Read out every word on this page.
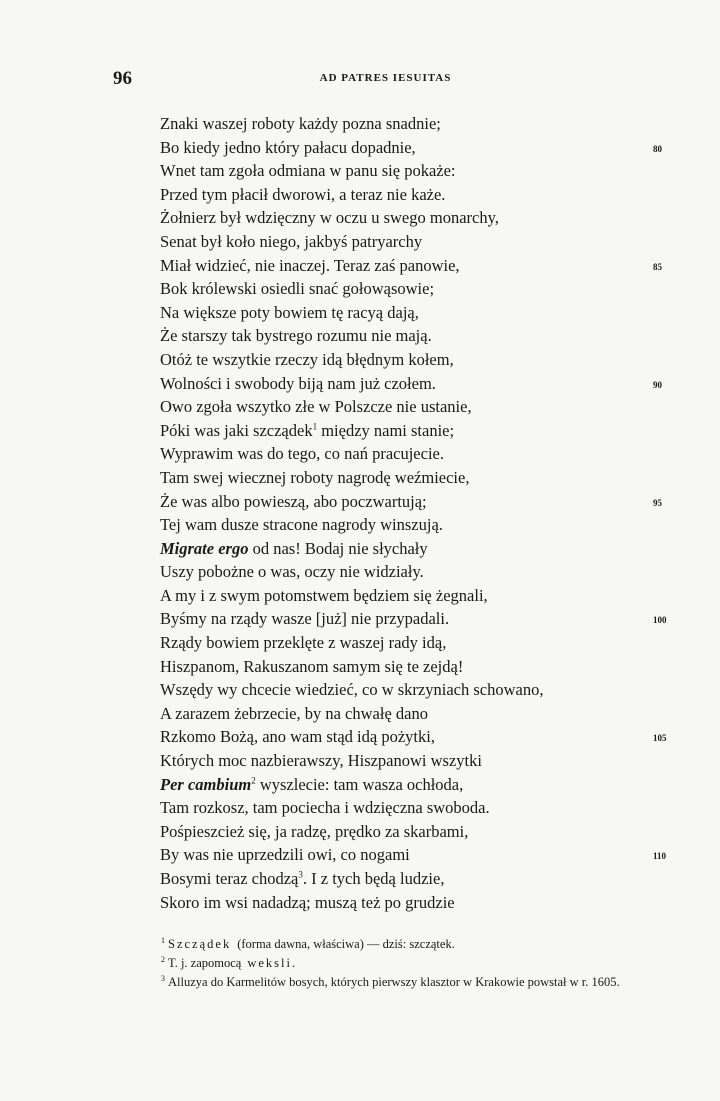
96	AD PATRES IESUITAS
Znaki waszej roboty każdy pozna snadnie;
Bo kiedy jedno który pałacu dopadnie,	80
Wnet tam zgoła odmiana w panu się pokaże:
Przed tym płacił dworowi, a teraz nie każe.
Żołnierz był wdzięczny w oczu u swego monarchy,
Senat był koło niego, jakbyś patryarchy
Miał widzieć, nie inaczej. Teraz zaś panowie,	85
Bok królewski osiedli snać gołowąsowie;
Na większe poty bowiem tę racyą dają,
Że starszy tak bystrego rozumu nie mają.
Otóż te wszytkie rzeczy idą błędnym kołem,
Wolności i swobody biją nam już czołem.	90
Owo zgoła wszytko złe w Polszcze nie ustanie,
Póki was jaki szcządek$^1$ między nami stanie;
Wyprawim was do tego, co nań pracujecie.
Tam swej wiecznej roboty nagrodę weźmiecie,
Że was albo powieszą, abo poczwartują;	95
Tej wam dusze stracone nagrody winszują.
Migrate ergo od nas! Bodaj nie słychały
Uszy pobożne o was, oczy nie widziały.
A my i z swym potomstwem będziem się żegnali,
Byśmy na rządy wasze [już] nie przypadali.	100
Rządy bowiem przeklęte z waszej rady idą,
Hiszpanom, Rakuszanom samym się te zejdą!
Wszędy wy chcecie wiedzieć, co w skrzyniach schowano,
A zarazem żebrzecie, by na chwałę dano
Rzkomo Bożą, ano wam stąd idą pożytki,	105
Których moc nazbierawszy, Hiszpanowi wszytki
Per cambium$^2$ wyszlecie: tam wasza ochłoda,
Tam rozkosz, tam pociecha i wdzięczna swoboda.
Pośpieszcież się, ja radzę, prędko za skarbami,
By was nie uprzedzili owi, co nogami	110
Bosymi teraz chodzą$^3$. I z tych będą ludzie,
Skoro im wsi nadadzą; muszą też po grudzie
$^1$ Szcządek (forma dawna, właściwa) — dziś: szczątek.
$^2$ T. j. zapomocą weksli.
$^3$ Alluzya do Karmelitów bosych, których pierwszy klasztor w Krakowie powstał w r. 1605.
